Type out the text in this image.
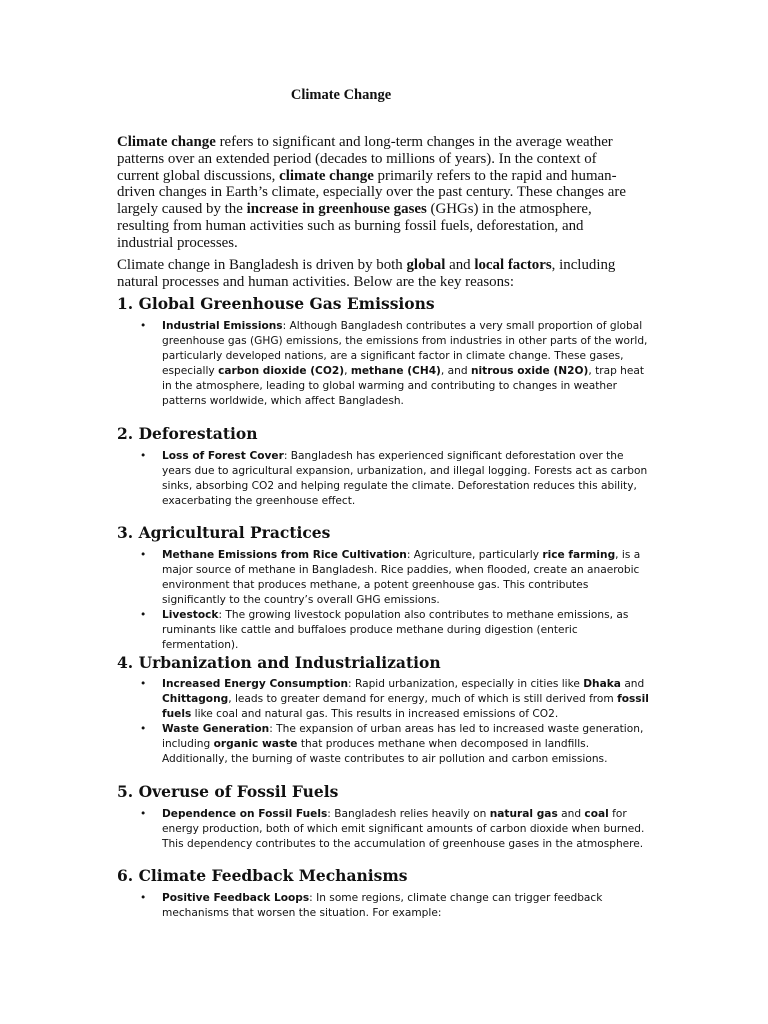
Climate Change

Climate change refers to significant and long-term changes in the average weather patterns over an extended period (decades to millions of years). In the context of current global discussions, climate change primarily refers to the rapid and human-driven changes in Earth’s climate, especially over the past century. These changes are largely caused by the increase in greenhouse gases (GHGs) in the atmosphere, resulting from human activities such as burning fossil fuels, deforestation, and industrial processes.

Climate change in Bangladesh is driven by both global and local factors, including natural processes and human activities. Below are the key reasons:

1. Global Greenhouse Gas Emissions
• Industrial Emissions: Although Bangladesh contributes a very small proportion of global greenhouse gas (GHG) emissions, the emissions from industries in other parts of the world, particularly developed nations, are a significant factor in climate change. These gases, especially carbon dioxide (CO2), methane (CH4), and nitrous oxide (N2O), trap heat in the atmosphere, leading to global warming and contributing to changes in weather patterns worldwide, which affect Bangladesh.
2. Deforestation
• Loss of Forest Cover: Bangladesh has experienced significant deforestation over the years due to agricultural expansion, urbanization, and illegal logging. Forests act as carbon sinks, absorbing CO2 and helping regulate the climate. Deforestation reduces this ability, exacerbating the greenhouse effect.
3. Agricultural Practices
• Methane Emissions from Rice Cultivation: Agriculture, particularly rice farming, is a major source of methane in Bangladesh. Rice paddies, when flooded, create an anaerobic environment that produces methane, a potent greenhouse gas. This contributes significantly to the country’s overall GHG emissions.
• Livestock: The growing livestock population also contributes to methane emissions, as ruminants like cattle and buffaloes produce methane during digestion (enteric fermentation).
4. Urbanization and Industrialization
• Increased Energy Consumption: Rapid urbanization, especially in cities like Dhaka and Chittagong, leads to greater demand for energy, much of which is still derived from fossil fuels like coal and natural gas. This results in increased emissions of CO2.
• Waste Generation: The expansion of urban areas has led to increased waste generation, including organic waste that produces methane when decomposed in landfills. Additionally, the burning of waste contributes to air pollution and carbon emissions.
5. Overuse of Fossil Fuels
• Dependence on Fossil Fuels: Bangladesh relies heavily on natural gas and coal for energy production, both of which emit significant amounts of carbon dioxide when burned. This dependency contributes to the accumulation of greenhouse gases in the atmosphere.
6. Climate Feedback Mechanisms
• Positive Feedback Loops: In some regions, climate change can trigger feedback mechanisms that worsen the situation. For example:
